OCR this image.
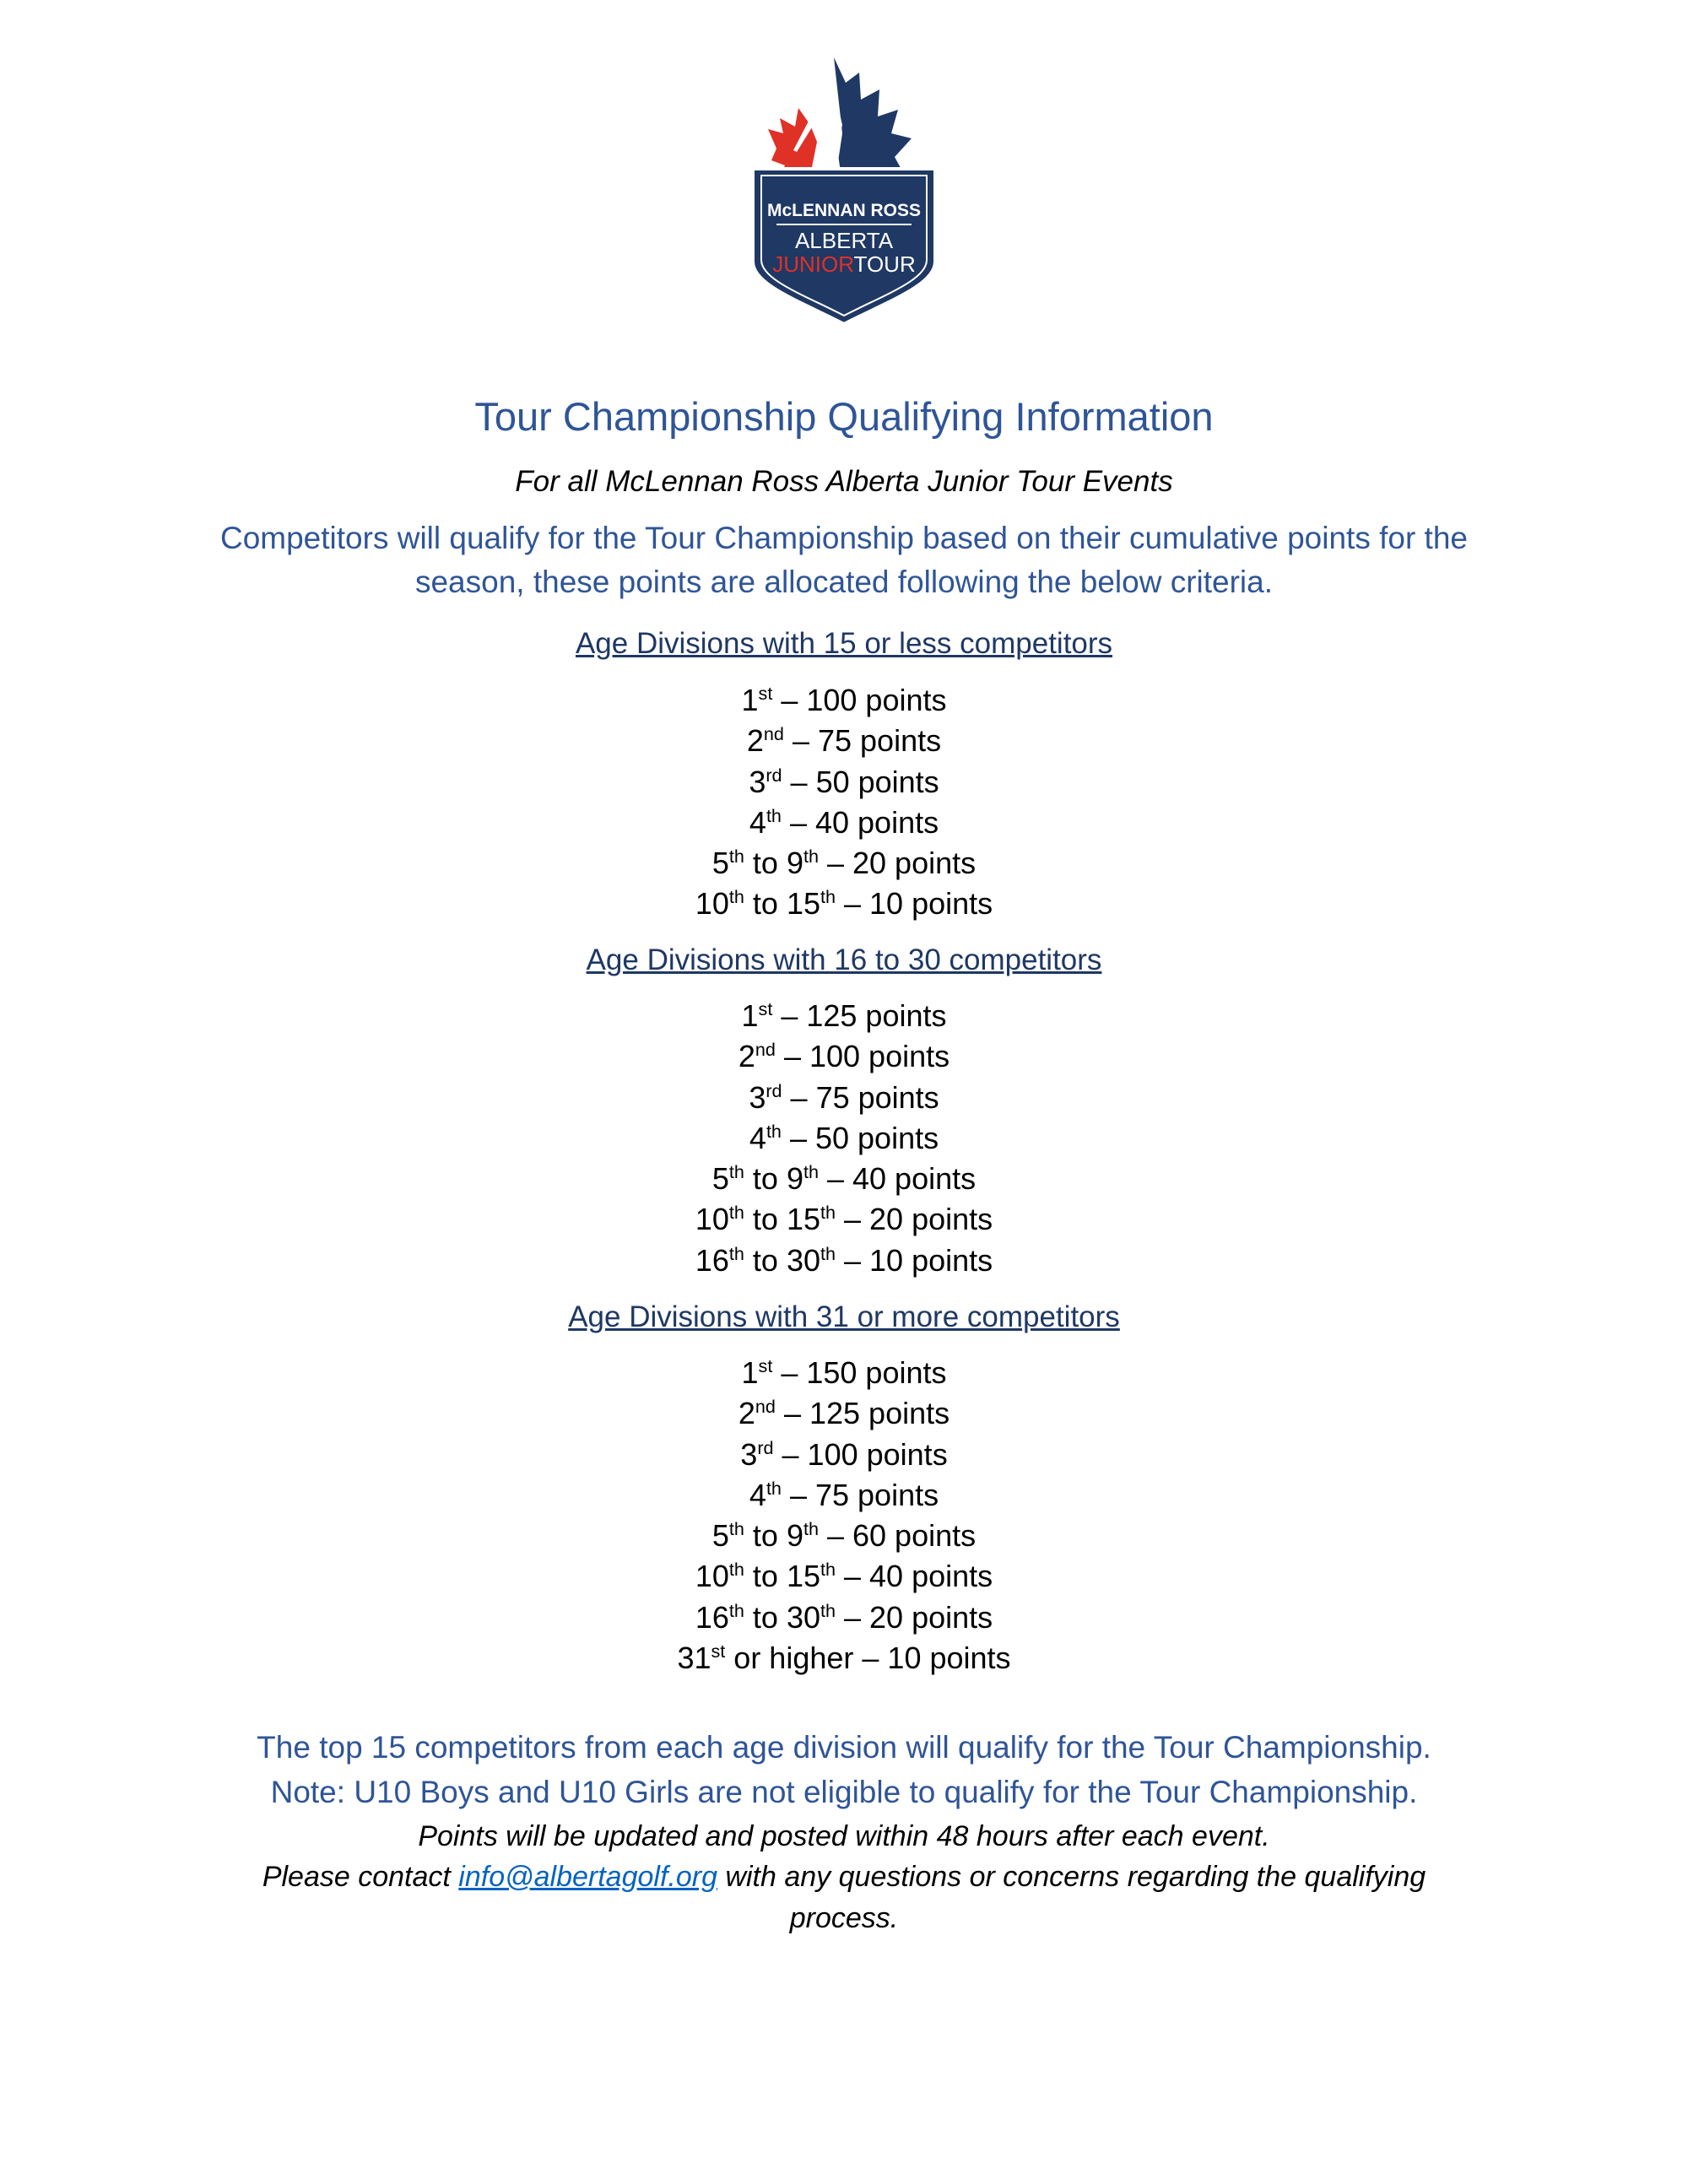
McLENNAN ROSS
ALBERTA
JUNIORTOUR
Tour Championship Qualifying Information
For all McLennan Ross Alberta Junior Tour Events
Competitors will qualify for the Tour Championship based on their cumulative points for the season, these points are allocated following the below criteria.
Age Divisions with 15 or less competitors
1st – 100 points
2nd – 75 points
3rd – 50 points
4th – 40 points
5th to 9th – 20 points
10th to 15th – 10 points
Age Divisions with 16 to 30 competitors
1st – 125 points
2nd – 100 points
3rd – 75 points
4th – 50 points
5th to 9th – 40 points
10th to 15th – 20 points
16th to 30th – 10 points
Age Divisions with 31 or more competitors
1st – 150 points
2nd – 125 points
3rd – 100 points
4th – 75 points
5th to 9th – 60 points
10th to 15th – 40 points
16th to 30th – 20 points
31st or higher – 10 points
The top 15 competitors from each age division will qualify for the Tour Championship.
Note: U10 Boys and U10 Girls are not eligible to qualify for the Tour Championship.
Points will be updated and posted within 48 hours after each event.
Please contact info@albertagolf.org with any questions or concerns regarding the qualifying process.
